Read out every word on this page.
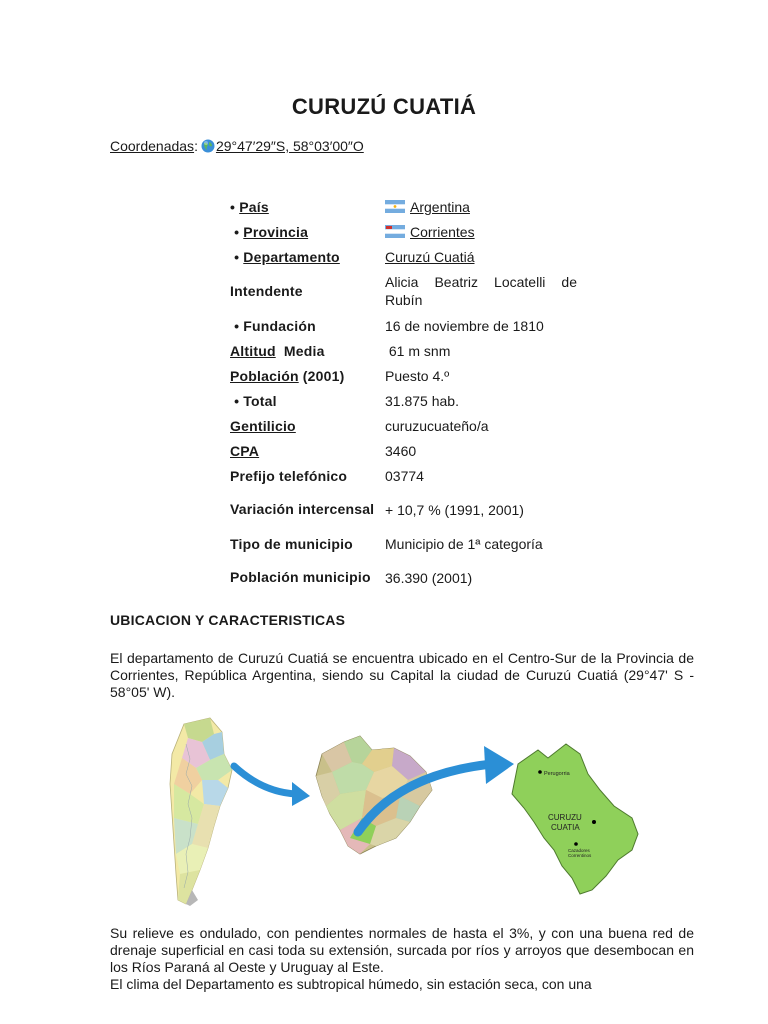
CURUZÚ CUATIÁ
Coordenadas: 29°47′29″S, 58°03′00″O
• País	Argentina
• Provincia	Corrientes
• Departamento	Curuzú Cuatiá
Intendente	Alicia Beatriz Locatelli de Rubín
• Fundación	16 de noviembre de 1810
Altitud Media	61 m snm
Población (2001)	Puesto 4.º
• Total	31.875 hab.
Gentilicio	curuzucuateño/a
CPA	3460
Prefijo telefónico	03774
Variación intercensal	+ 10,7 % (1991, 2001)
Tipo de municipio	Municipio de 1ª categoría
Población municipio	36.390 (2001)
UBICACION Y CARACTERISTICAS

El departamento de Curuzú Cuatiá se encuentra ubicado en el Centro-Sur de la Provincia de Corrientes, República Argentina, siendo su Capital la ciudad de Curuzú Cuatiá (29°47' S - 58°05' W).

Perugorria
CURUZU
CUATIA
Cazadores
Correntinos

Su relieve es ondulado, con pendientes normales de hasta el 3%, y con una buena red de drenaje superficial en casi toda su extensión, surcada por ríos y arroyos que desembocan en los Ríos Paraná al Oeste y Uruguay al Este.

El clima del Departamento es subtropical húmedo, sin estación seca, con una
